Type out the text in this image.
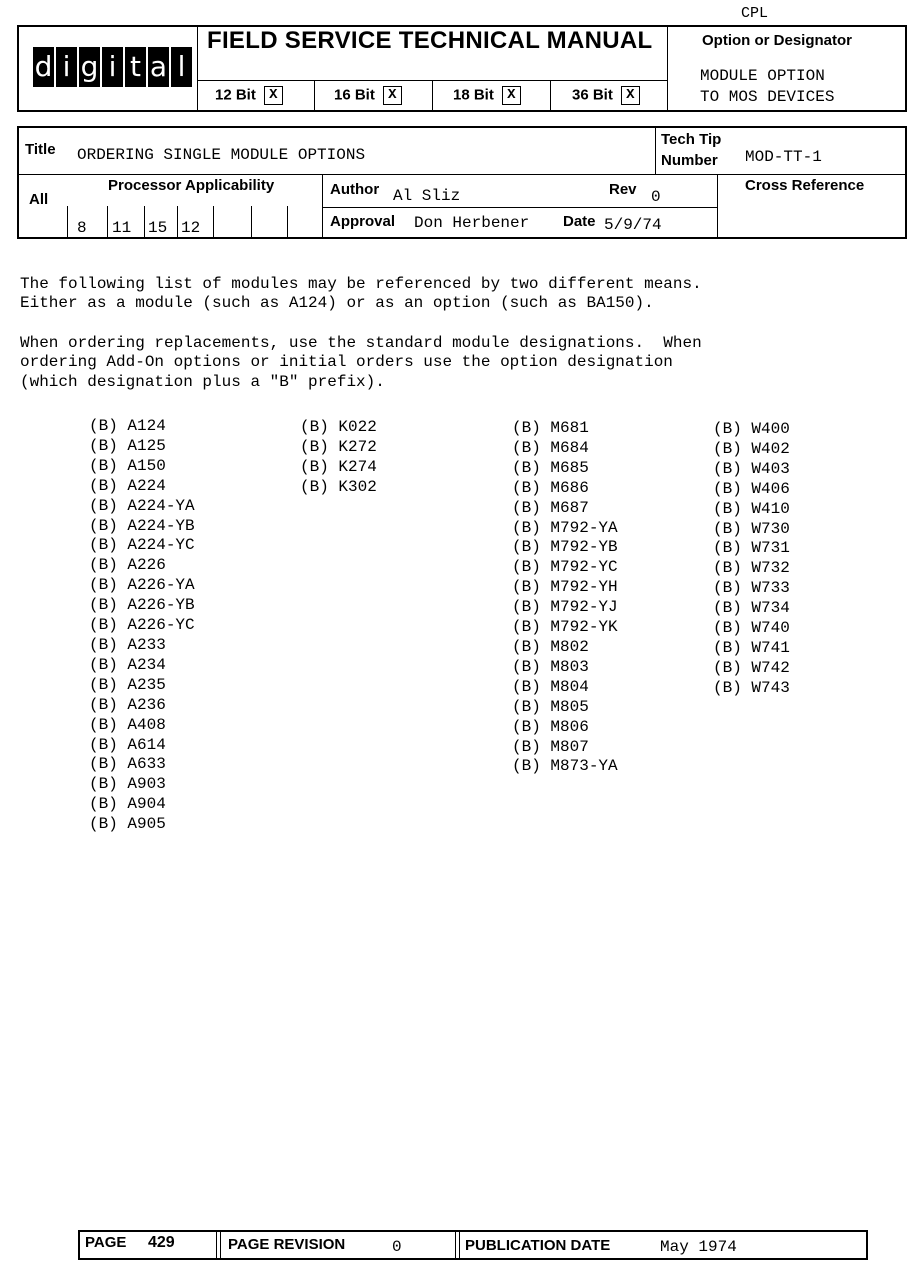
CPL
d i g i t a l
FIELD SERVICE TECHNICAL MANUAL
12 Bit X	16 Bit X	18 Bit X	36 Bit X
Option or Designator
MODULE OPTION
TO MOS DEVICES
Title ORDERING SINGLE MODULE OPTIONS
Tech Tip
Number MOD-TT-1
All
Processor Applicability
8 11 15 12
Author Al Sliz	Rev 0
Approval Don Herbener Date 5/9/74
Cross Reference
The following list of modules may be referenced by two different means.
Either as a module (such as A124) or as an option (such as BA150).
When ordering replacements, use the standard module designations.  When
ordering Add-On options or initial orders use the option designation
(which designation plus a "B" prefix).
(B) A124
(B) A125
(B) A150
(B) A224
(B) A224-YA
(B) A224-YB
(B) A224-YC
(B) A226
(B) A226-YA
(B) A226-YB
(B) A226-YC
(B) A233
(B) A234
(B) A235
(B) A236
(B) A408
(B) A614
(B) A633
(B) A903
(B) A904
(B) A905
(B) K022
(B) K272
(B) K274
(B) K302
(B) M681
(B) M684
(B) M685
(B) M686
(B) M687
(B) M792-YA
(B) M792-YB
(B) M792-YC
(B) M792-YH
(B) M792-YJ
(B) M792-YK
(B) M802
(B) M803
(B) M804
(B) M805
(B) M806
(B) M807
(B) M873-YA
(B) W400
(B) W402
(B) W403
(B) W406
(B) W410
(B) W730
(B) W731
(B) W732
(B) W733
(B) W734
(B) W740
(B) W741
(B) W742
(B) W743
PAGE 429	PAGE REVISION	0	PUBLICATION DATE	May 1974
